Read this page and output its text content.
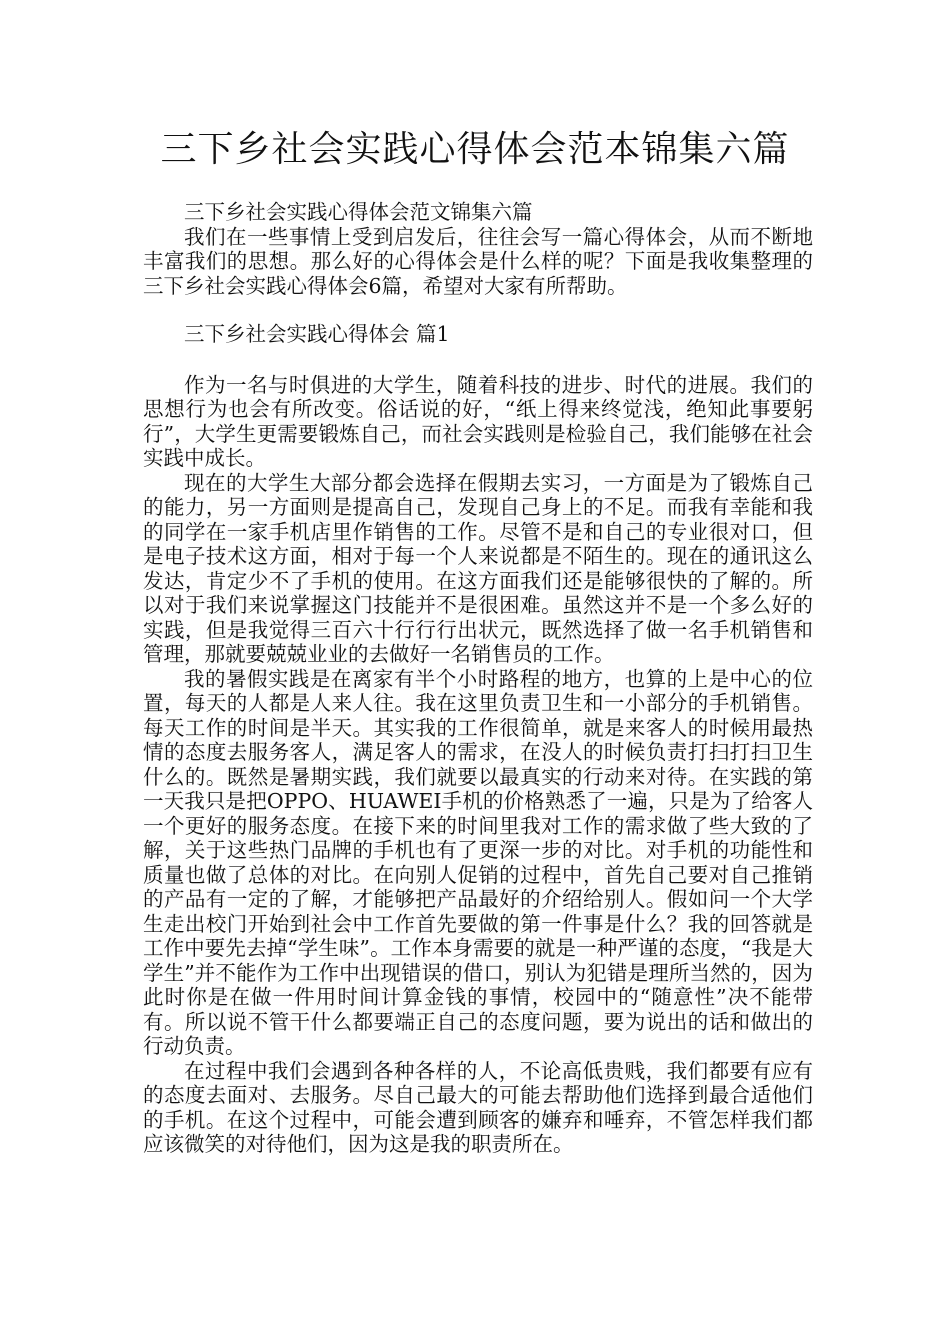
三下乡社会实践心得体会范本锦集六篇

三下乡社会实践心得体会范文锦集六篇

我们在一些事情上受到启发后，往往会写一篇心得体会，从而不断地丰富我们的思想。那么好的心得体会是什么样的呢？下面是我收集整理的三下乡社会实践心得体会6篇，希望对大家有所帮助。

三下乡社会实践心得体会 篇1

作为一名与时俱进的大学生，随着科技的进步、时代的进展。我们的思想行为也会有所改变。俗话说的好，“纸上得来终觉浅，绝知此事要躬行”，大学生更需要锻炼自己，而社会实践则是检验自己，我们能够在社会实践中成长。

现在的大学生大部分都会选择在假期去实习，一方面是为了锻炼自己的能力，另一方面则是提高自己，发现自己身上的不足。而我有幸能和我的同学在一家手机店里作销售的工作。尽管不是和自己的专业很对口，但是电子技术这方面，相对于每一个人来说都是不陌生的。现在的通讯这么发达，肯定少不了手机的使用。在这方面我们还是能够很快的了解的。所以对于我们来说掌握这门技能并不是很困难。虽然这并不是一个多么好的实践，但是我觉得三百六十行行行出状元，既然选择了做一名手机销售和管理，那就要兢兢业业的去做好一名销售员的工作。

我的暑假实践是在离家有半个小时路程的地方，也算的上是中心的位置，每天的人都是人来人往。我在这里负责卫生和一小部分的手机销售。每天工作的时间是半天。其实我的工作很简单，就是来客人的时候用最热情的态度去服务客人，满足客人的需求，在没人的时候负责打扫打扫卫生什么的。既然是暑期实践，我们就要以最真实的行动来对待。在实践的第一天我只是把OPPO、HUAWEI手机的价格熟悉了一遍，只是为了给客人一个更好的服务态度。在接下来的时间里我对工作的需求做了些大致的了解，关于这些热门品牌的手机也有了更深一步的对比。对手机的功能性和质量也做了总体的对比。在向别人促销的过程中，首先自己要对自己推销的产品有一定的了解，才能够把产品最好的介绍给别人。假如问一个大学生走出校门开始到社会中工作首先要做的第一件事是什么？我的回答就是工作中要先去掉“学生味”。工作本身需要的就是一种严谨的态度，“我是大学生”并不能作为工作中出现错误的借口，别认为犯错是理所当然的，因为此时你是在做一件用时间计算金钱的事情，校园中的“随意性”决不能带有。所以说不管干什么都要端正自己的态度问题，要为说出的话和做出的行动负责。

在过程中我们会遇到各种各样的人，不论高低贵贱，我们都要有应有的态度去面对、去服务。尽自己最大的可能去帮助他们选择到最合适他们的手机。在这个过程中，可能会遭到顾客的嫌弃和唾弃，不管怎样我们都应该微笑的对待他们，因为这是我的职责所在。
